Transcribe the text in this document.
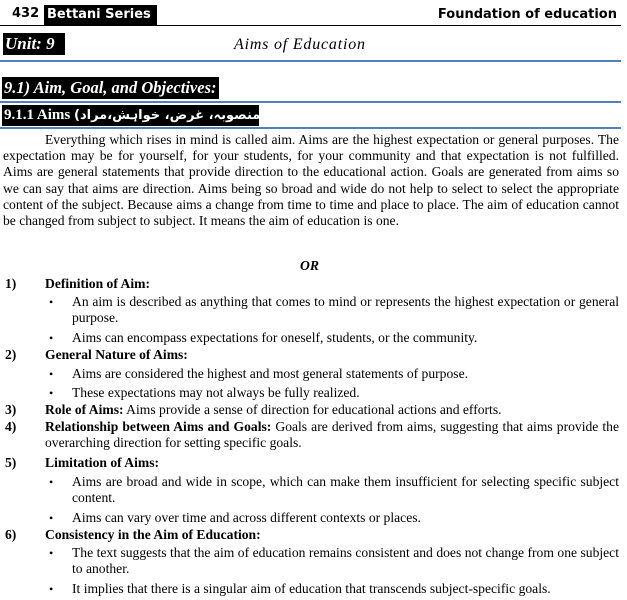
432 Bettani Series	Foundation of education
Unit: 9	Aims of Education
9.1) Aim, Goal, and Objectives:
9.1.1 Aims (منصوبہ، غرض، خواہش،مراد):
Everything which rises in mind is called aim. Aims are the highest expectation or general purposes. The expectation may be for yourself, for your students, for your community and that expectation is not fulfilled. Aims are general statements that provide direction to the educational action. Goals are generated from aims so we can say that aims are direction. Aims being so broad and wide do not help to select to select the appropriate content of the subject. Because aims a change from time to time and place to place. The aim of education cannot be changed from subject to subject. It means the aim of education is one.
OR
1) Definition of Aim:
• An aim is described as anything that comes to mind or represents the highest expectation or general purpose.
• Aims can encompass expectations for oneself, students, or the community.
2) General Nature of Aims:
• Aims are considered the highest and most general statements of purpose.
• These expectations may not always be fully realized.
3) Role of Aims: Aims provide a sense of direction for educational actions and efforts.
4) Relationship between Aims and Goals: Goals are derived from aims, suggesting that aims provide the overarching direction for setting specific goals.
5) Limitation of Aims:
• Aims are broad and wide in scope, which can make them insufficient for selecting specific subject content.
• Aims can vary over time and across different contexts or places.
6) Consistency in the Aim of Education:
• The text suggests that the aim of education remains consistent and does not change from one subject to another.
• It implies that there is a singular aim of education that transcends subject-specific goals.
